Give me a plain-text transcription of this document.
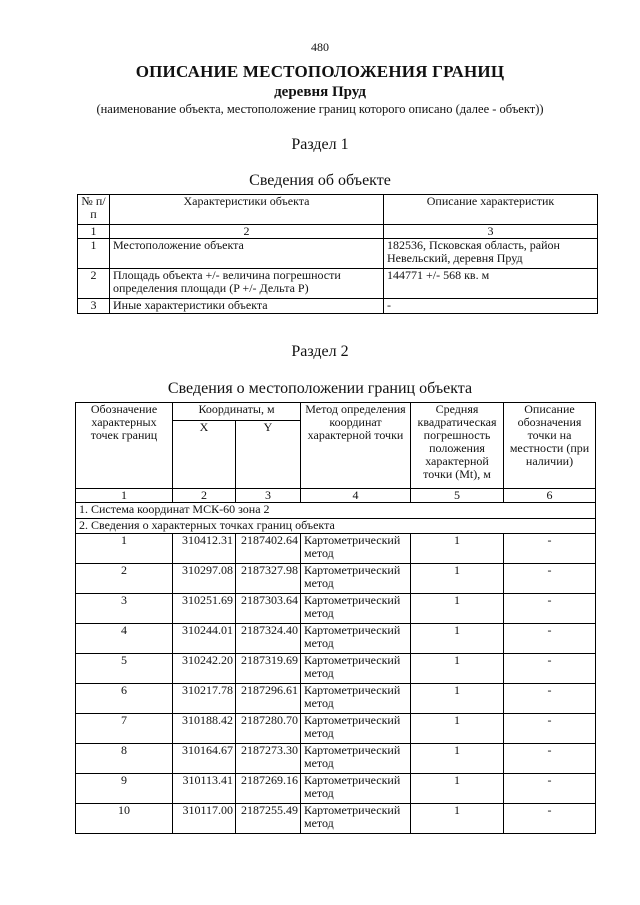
480
ОПИСАНИЕ МЕСТОПОЛОЖЕНИЯ ГРАНИЦ
деревня Пруд
(наименование объекта, местоположение границ которого описано (далее - объект))
Раздел 1
Сведения об объекте
№ п/п	Характеристики объекта	Описание характеристик
1	2	3
1	Местоположение объекта	182536, Псковская область, район Невельский, деревня Пруд
2	Площадь объекта +/- величина погрешности определения площади (P +/- Дельта P)	144771 +/- 568 кв. м
3	Иные характеристики объекта	-
Раздел 2
Сведения о местоположении границ объекта
Обозначение характерных точек границ	Координаты, м		Метод определения координат характерной точки	Средняя квадратическая погрешность положения характерной точки (Mt), м	Описание обозначения точки на местности (при наличии)
	X	Y			
1	2	3	4	5	6
1. Система координат МСК-60 зона 2					
2. Сведения о характерных точках границ объекта					
1	310412.31	2187402.64	Картометрический метод	1	-
2	310297.08	2187327.98	Картометрический метод	1	-
3	310251.69	2187303.64	Картометрический метод	1	-
4	310244.01	2187324.40	Картометрический метод	1	-
5	310242.20	2187319.69	Картометрический метод	1	-
6	310217.78	2187296.61	Картометрический метод	1	-
7	310188.42	2187280.70	Картометрический метод	1	-
8	310164.67	2187273.30	Картометрический метод	1	-
9	310113.41	2187269.16	Картометрический метод	1	-
10	310117.00	2187255.49	Картометрический метод	1	-
